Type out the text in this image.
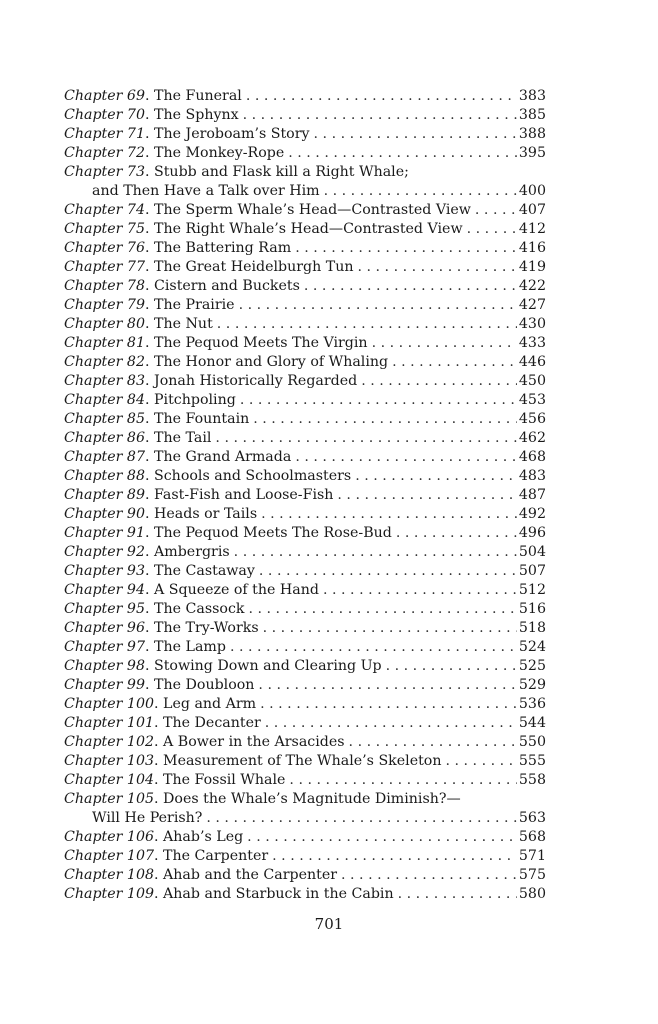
Chapter 69 . The Funeral . . .	383
Chapter 70 . The Sphynx . . .	385
Chapter 71 . The Jeroboam’s Story . . .	388
Chapter 72 . The Monkey-Rope . . .	395
Chapter 73 . Stubb and Flask kill a Right Whale;
and Then Have a Talk over Him . . .	400
Chapter 74 . The Sperm Whale’s Head—Contrasted View . . .	407
Chapter 75 . The Right Whale’s Head—Contrasted View . . .	412
Chapter 76 . The Battering Ram . . .	416
Chapter 77 . The Great Heidelburgh Tun . . .	419
Chapter 78 . Cistern and Buckets . . .	422
Chapter 79 . The Prairie . . .	427
Chapter 80 . The Nut . . .	430
Chapter 81 . The Pequod Meets The Virgin . . .	433
Chapter 82 . The Honor and Glory of Whaling . . .	446
Chapter 83 . Jonah Historically Regarded . . .	450
Chapter 84 . Pitchpoling . . .	453
Chapter 85 . The Fountain . . .	456
Chapter 86 . The Tail . . .	462
Chapter 87 . The Grand Armada . . .	468
Chapter 88 . Schools and Schoolmasters . . .	483
Chapter 89 . Fast-Fish and Loose-Fish . . .	487
Chapter 90 . Heads or Tails . . .	492
Chapter 91 . The Pequod Meets The Rose-Bud . . .	496
Chapter 92 . Ambergris . . .	504
Chapter 93 . The Castaway . . .	507
Chapter 94 . A Squeeze of the Hand . . .	512
Chapter 95 . The Cassock . . .	516
Chapter 96 . The Try-Works . . .	518
Chapter 97 . The Lamp . . .	524
Chapter 98 . Stowing Down and Clearing Up . . .	525
Chapter 99 . The Doubloon . . .	529
Chapter 100 . Leg and Arm . . .	536
Chapter 101 . The Decanter . . .	544
Chapter 102 . A Bower in the Arsacides . . .	550
Chapter 103 . Measurement of The Whale’s Skeleton . . .	555
Chapter 104 . The Fossil Whale . . .	558
Chapter 105 . Does the Whale’s Magnitude Diminish?—
Will He Perish? . . .	563
Chapter 106 . Ahab’s Leg . . .	568
Chapter 107 . The Carpenter . . .	571
Chapter 108 . Ahab and the Carpenter . . .	575
Chapter 109 . Ahab and Starbuck in the Cabin . . .	580
701
